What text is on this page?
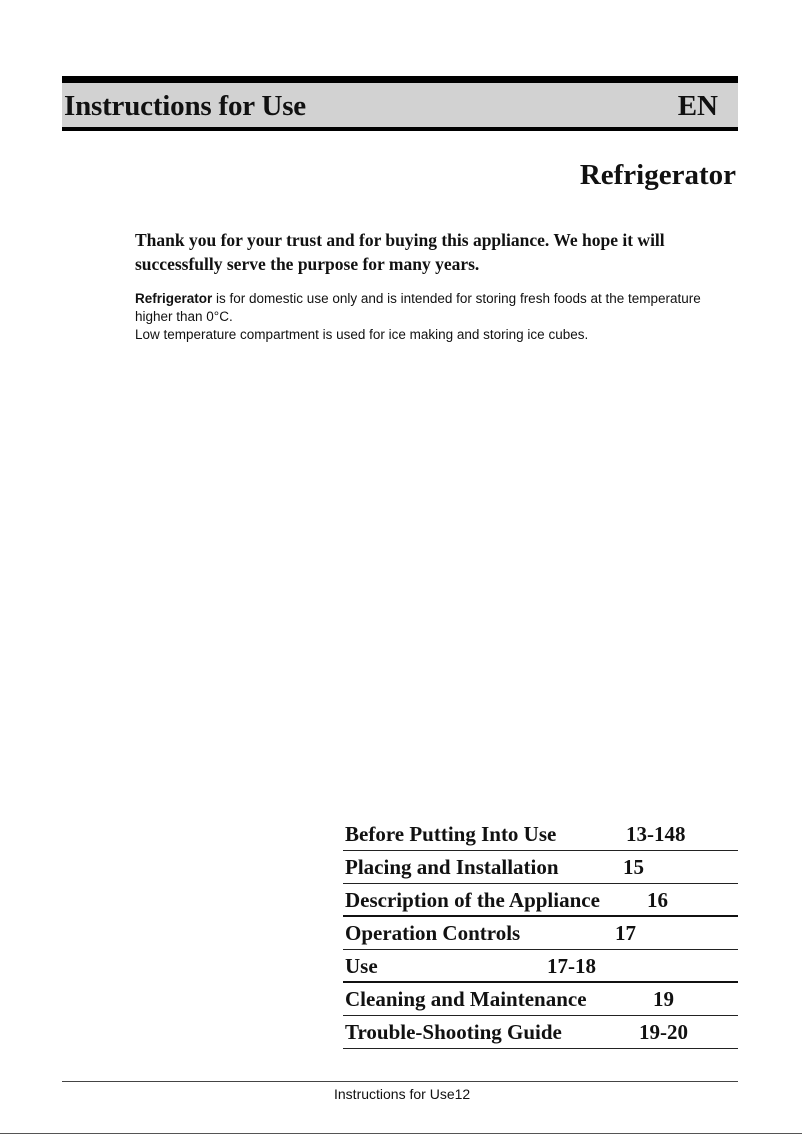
Instructions for Use	EN
Refrigerator

Thank you for your trust and for buying this appliance. We hope it will successfully serve the purpose for many years.

Refrigerator is for domestic use only and is intended for storing fresh foods at the temperature higher than 0°C.
Low temperature compartment is used for ice making and storing ice cubes.

Before Putting Into Use	13-148
Placing and Installation	15
Description of the Appliance 16
Operation Controls	17
Use	17-18
Cleaning and Maintenance	19
Trouble-Shooting Guide	19-20
Instructions for Use12
